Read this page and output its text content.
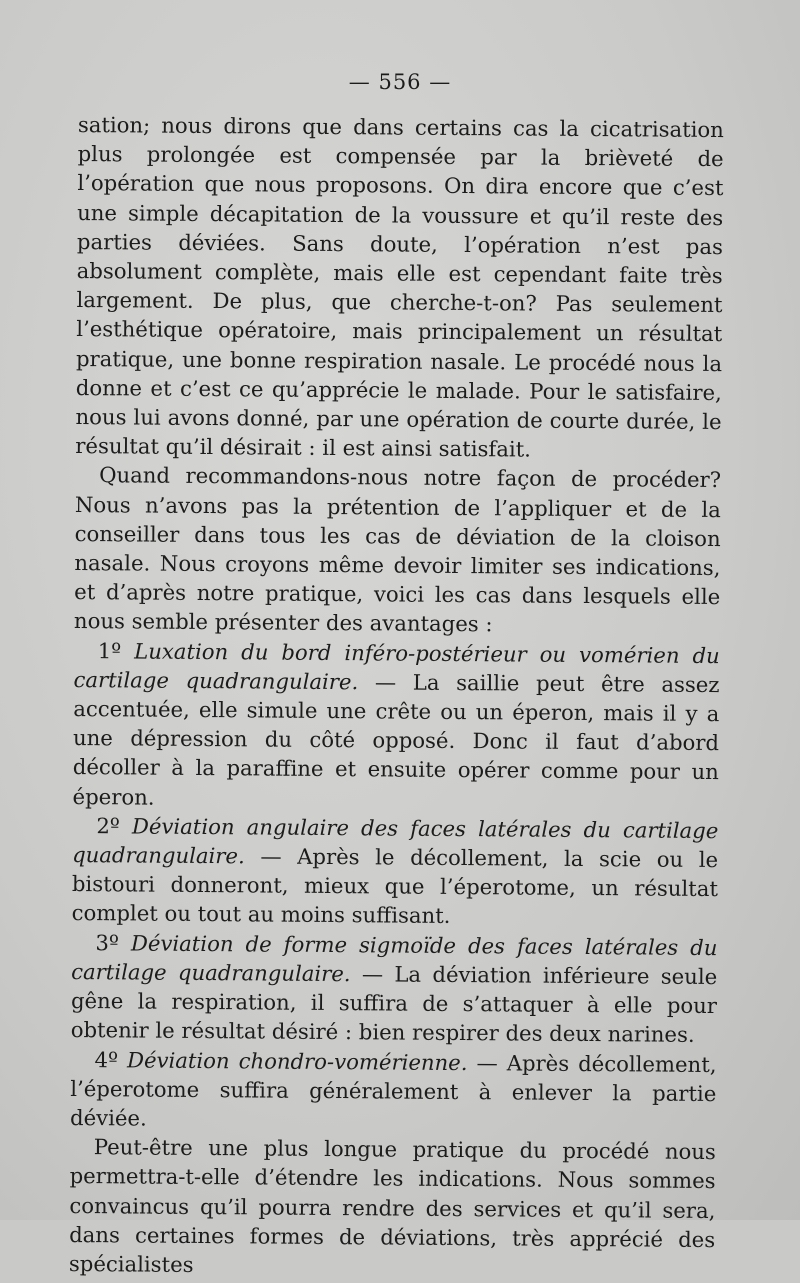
— 556 —

sation; nous dirons que dans certains cas la cicatrisation plus prolongée est compensée par la brièveté de l’opération que nous proposons. On dira encore que c’est une simple décapitation de la voussure et qu’il reste des parties déviées. Sans doute, l’opération n’est pas absolument complète, mais elle est cependant faite très largement. De plus, que cherche-t-on? Pas seulement l’esthétique opératoire, mais principalement un résultat pratique, une bonne respiration nasale. Le procédé nous la donne et c’est ce qu’apprécie le malade. Pour le satisfaire, nous lui avons donné, par une opération de courte durée, le résultat qu’il désirait : il est ainsi satisfait.

Quand recommandons-nous notre façon de procéder? Nous n’avons pas la prétention de l’appliquer et de la conseiller dans tous les cas de déviation de la cloison nasale. Nous croyons même devoir limiter ses indications, et d’après notre pratique, voici les cas dans lesquels elle nous semble présenter des avantages :

1º Luxation du bord inféro-postérieur ou vomérien du cartilage quadrangulaire. — La saillie peut être assez accentuée, elle simule une crête ou un éperon, mais il y a une dépression du côté opposé. Donc il faut d’abord décoller à la paraffine et ensuite opérer comme pour un éperon.

2º Déviation angulaire des faces latérales du cartilage quadrangulaire. — Après le décollement, la scie ou le bistouri donneront, mieux que l’éperotome, un résultat complet ou tout au moins suffisant.

3º Déviation de forme sigmoïde des faces latérales du cartilage quadrangulaire. — La déviation inférieure seule gêne la respiration, il suffira de s’attaquer à elle pour obtenir le résultat désiré : bien respirer des deux narines.

4º Déviation chondro-vomérienne. — Après décollement, l’éperotome suffira généralement à enlever la partie déviée.

Peut-être une plus longue pratique du procédé nous permettra-t-elle d’étendre les indications. Nous sommes convaincus qu’il pourra rendre des services et qu’il sera, dans certaines formes de déviations, très apprécié des spécialistes
